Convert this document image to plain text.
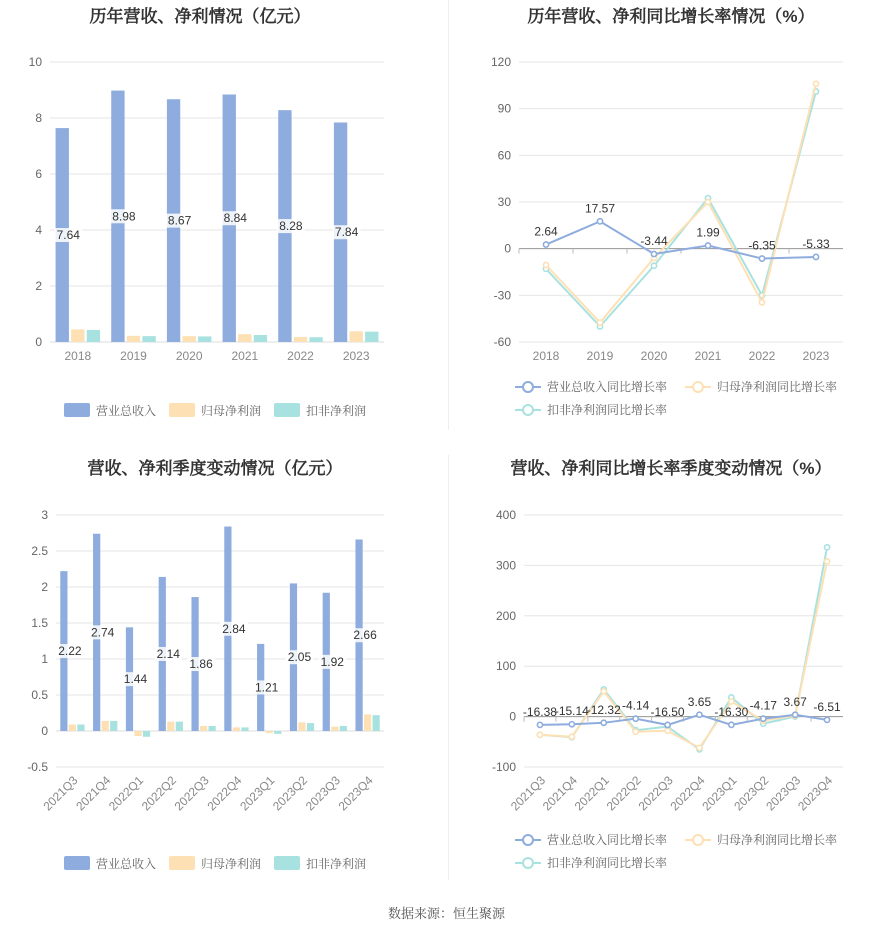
历年营收、净利情况（亿元）
0
2
4
6
8
10
2018 2019 2020 2021 2022 2023
7.64
8.98	8.67	8.84
8.28	7.84
营业总收入	归母净利润	扣非净利润
历年营收、净利同比增长率情况（%）
-60
-30
0
30
60
90
120
2018 2019 2020 2021 2022 2023
2.64
17.57
-3.44
1.99
-6.35 -5.33
营业总收入同比增长率	归母净利润同比增长率
扣非净利润同比增长率
营收、净利季度变动情况（亿元）
-0.5
0
0.5
1
1.5
2
2.5
3
2021Q3
2021Q4
2022Q1
2022Q2
2022Q3
2022Q4
2023Q1
2023Q2
2023Q3
2023Q4
2.22
2.74
1.44
2.14
1.86
2.84
1.21
2.05 1.92
2.66
营业总收入	归母净利润	扣非净利润
营收、净利同比增长率季度变动情况（%）
-100
0
100
200
300
400
2021Q3
2021Q4
2022Q1
2022Q2
2022Q3
2022Q4
2023Q1
2023Q2
2023Q3
2023Q4
-16.38
-15.14
-12.32 -4.14 -16.50
3.65
-16.30 -4.17 3.67 -6.51
营业总收入同比增长率	归母净利润同比增长率
扣非净利润同比增长率
数据来源：恒生聚源
